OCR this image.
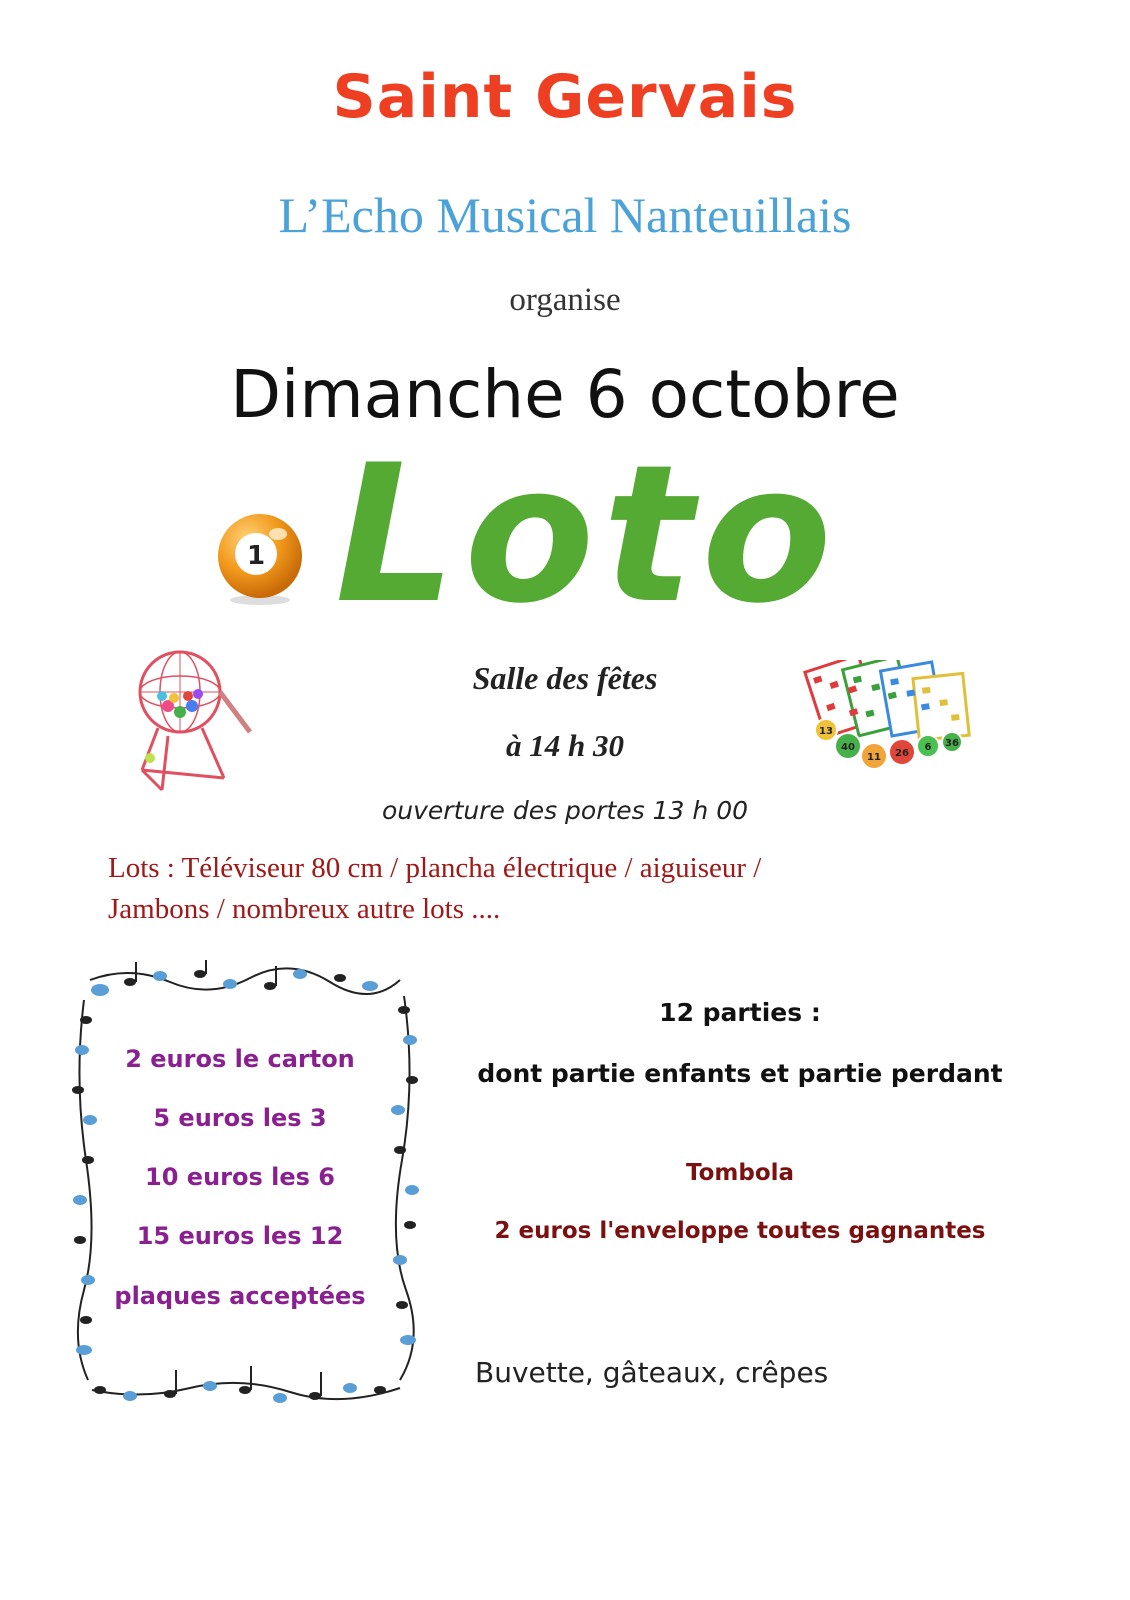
Saint Gervais
L’Echo Musical Nanteuillais
organise
Dimanche 6 octobre
1 Loto
13
40
11 26
6 36
Salle des fêtes
à 14 h 30
ouverture des portes 13 h 00
Lots : Téléviseur 80 cm / plancha électrique / aiguiseur /
Jambons / nombreux autre lots ....
2 euros le carton
5 euros les 3
10 euros les 6
15 euros les 12
plaques acceptées
12 parties :
dont partie enfants et partie perdant
Tombola
2 euros l'enveloppe toutes gagnantes
Buvette, gâteaux, crêpes
